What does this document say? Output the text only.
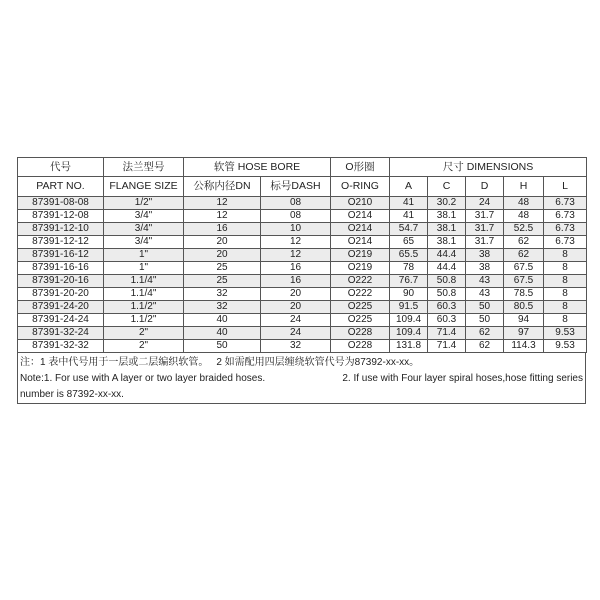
代号	法兰型号	软管 HOSE BORE		O形圈	尺寸 DIMENSIONS				
PART NO.	FLANGE SIZE	公称内径DN	标号DASH	O-RING	A	C	D	H	L
87391-08-08	1/2"	12	08	O210	41	30.2	24	48	6.73
87391-12-08	3/4"	12	08	O214	41	38.1	31.7	48	6.73
87391-12-10	3/4"	16	10	O214	54.7	38.1	31.7	52.5	6.73
87391-12-12	3/4"	20	12	O214	65	38.1	31.7	62	6.73
87391-16-12	1"	20	12	O219	65.5	44.4	38	62	8
87391-16-16	1"	25	16	O219	78	44.4	38	67.5	8
87391-20-16	1.1/4"	25	16	O222	76.7	50.8	43	67.5	8
87391-20-20	1.1/4"	32	20	O222	90	50.8	43	78.5	8
87391-24-20	1.1/2"	32	20	O225	91.5	60.3	50	80.5	8
87391-24-24	1.1/2"	40	24	O225	109.4	60.3	50	94	8
87391-32-24	2"	40	24	O228	109.4	71.4	62	97	9.53
87391-32-32	2"	50	32	O228	131.8	71.4	62	114.3	9.53
注：1 表中代号用于一层或二层编织软管。 2 如需配用四层缠绕软管代号为87392-xx-xx。
Note:1. For use with A layer or two layer braided hoses.	2. If use with Four layer spiral hoses,hose fitting series
number is 87392-xx-xx.
